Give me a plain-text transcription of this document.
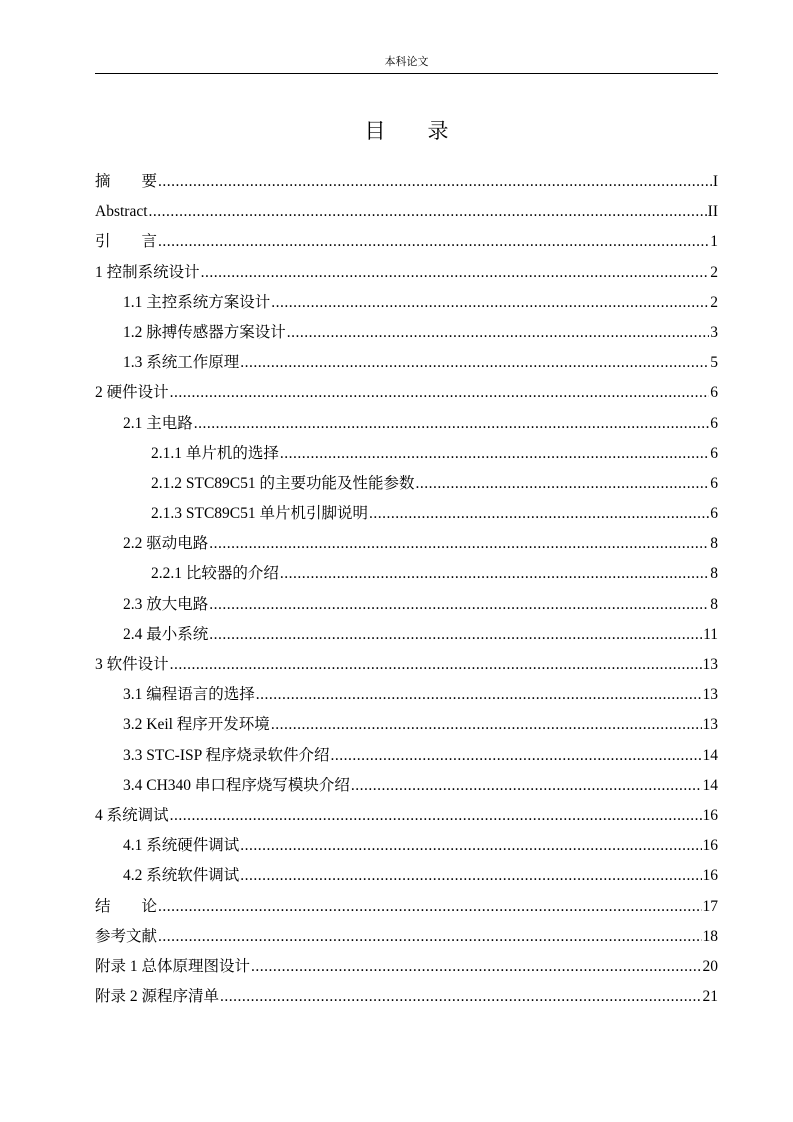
本科论文
目　　录
摘　　要 .....	I
Abstract .....	II
引　　言 .....	1
1 控制系统设计 .....	2
1.1 主控系统方案设计 .....	2
1.2 脉搏传感器方案设计 .....	3
1.3 系统工作原理 .....	5
2 硬件设计 .....	6
2.1 主电路 .....	6
2.1.1 单片机的选择 .....	6
2.1.2 STC89C51 的主要功能及性能参数 .....	6
2.1.3 STC89C51 单片机引脚说明 .....	6
2.2 驱动电路 .....	8
2.2.1 比较器的介绍 .....	8
2.3 放大电路 .....	8
2.4 最小系统 .....	11
3 软件设计 .....	13
3.1 编程语言的选择 .....	13
3.2 Keil 程序开发环境 .....	13
3.3 STC-ISP 程序烧录软件介绍 .....	14
3.4 CH340 串口程序烧写模块介绍 .....	14
4 系统调试 .....	16
4.1 系统硬件调试 .....	16
4.2 系统软件调试 .....	16
结　　论 .....	17
参考文献 .....	18
附录 1 总体原理图设计 .....	20
附录 2 源程序清单 .....	21
